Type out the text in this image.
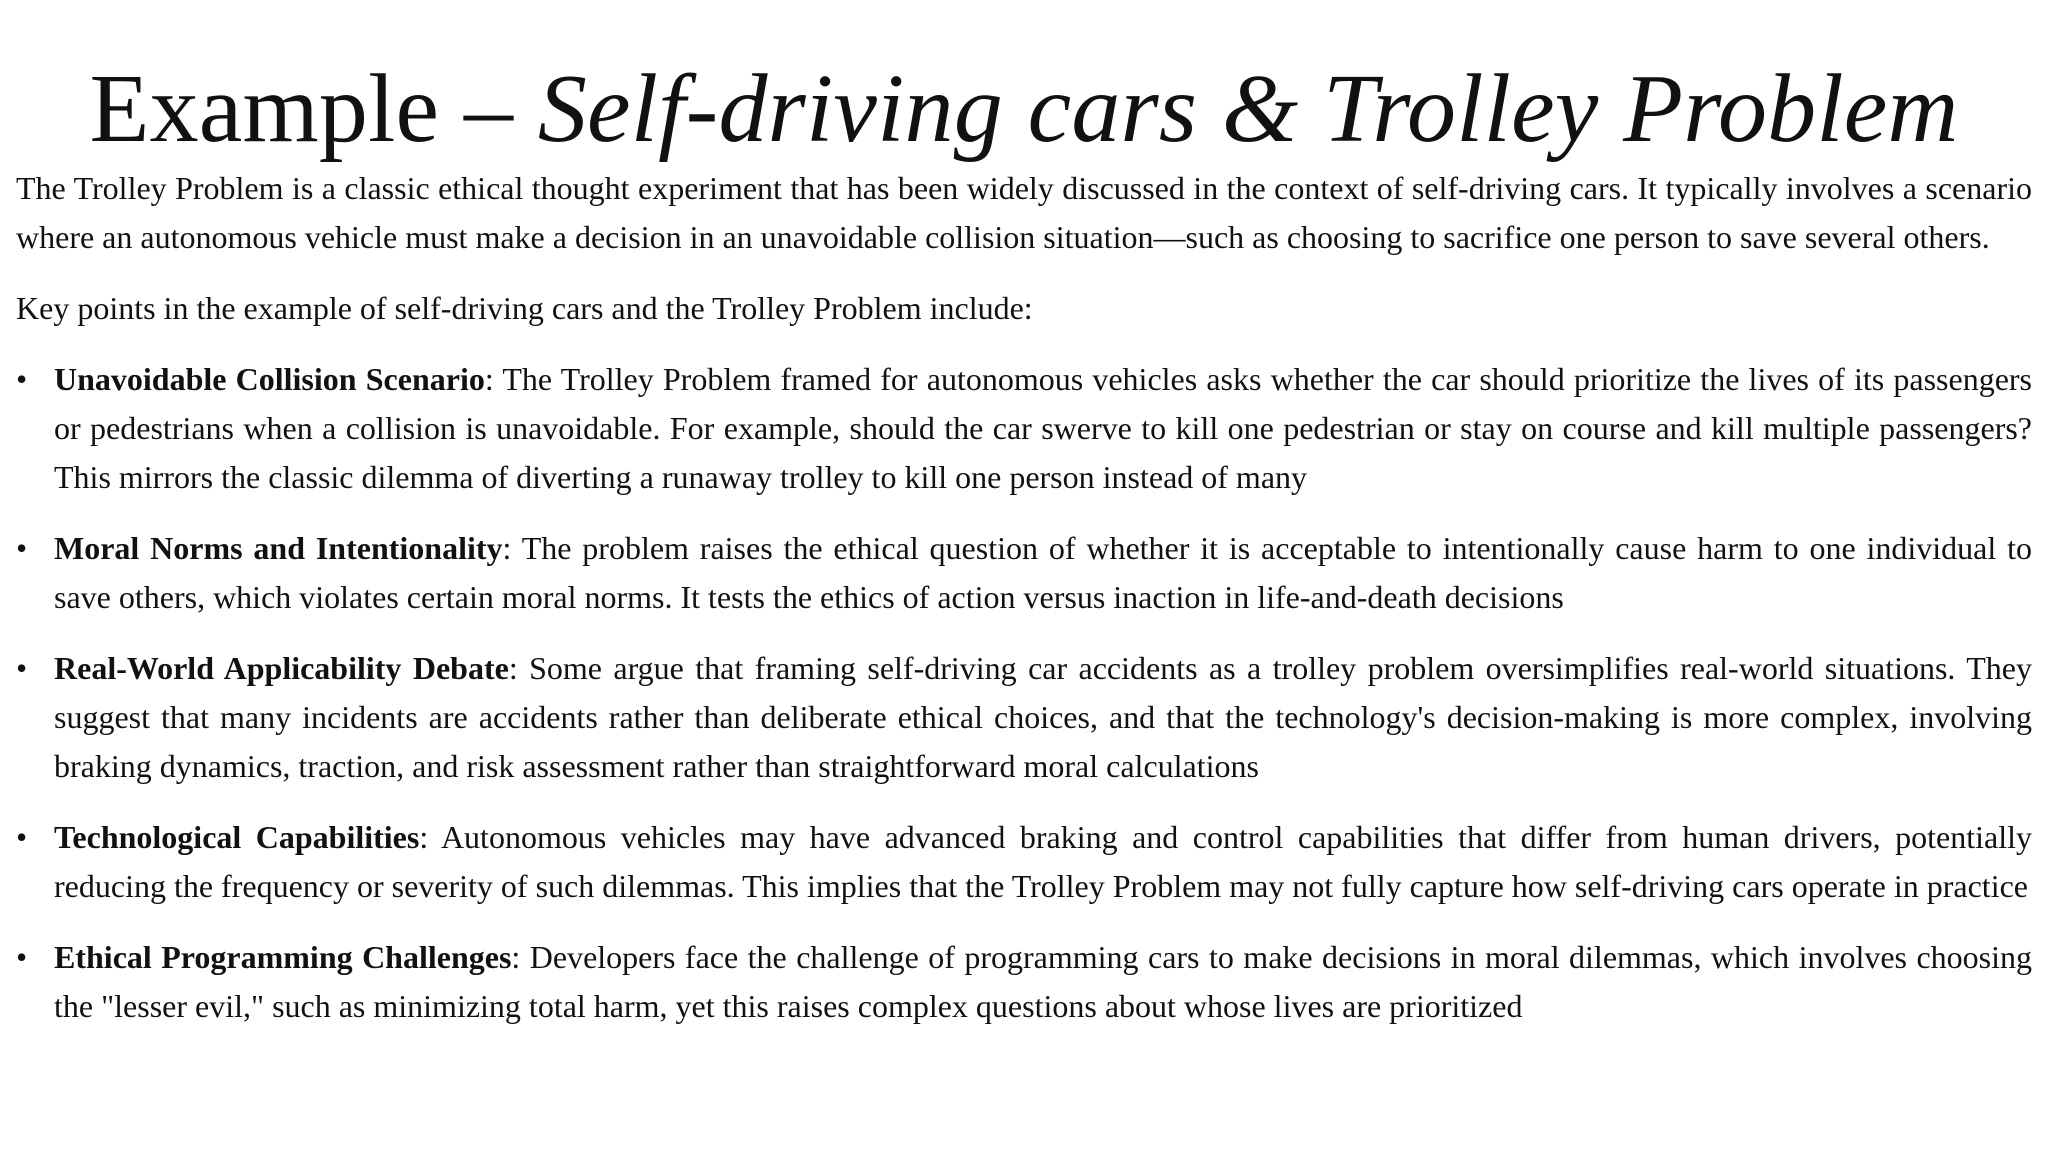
Example – Self-driving cars & Trolley Problem

The Trolley Problem is a classic ethical thought experiment that has been widely discussed in the context of self-driving cars. It typically involves a scenario where an autonomous vehicle must make a decision in an unavoidable collision situation—such as choosing to sacrifice one person to save several others.

Key points in the example of self-driving cars and the Trolley Problem include:

• Unavoidable Collision Scenario: The Trolley Problem framed for autonomous vehicles asks whether the car should prioritize the lives of its passengers or pedestrians when a collision is unavoidable. For example, should the car swerve to kill one pedestrian or stay on course and kill multiple passengers? This mirrors the classic dilemma of diverting a runaway trolley to kill one person instead of many
• Moral Norms and Intentionality: The problem raises the ethical question of whether it is acceptable to intentionally cause harm to one individual to save others, which violates certain moral norms. It tests the ethics of action versus inaction in life-and-death decisions
• Real-World Applicability Debate: Some argue that framing self-driving car accidents as a trolley problem oversimplifies real-world situations. They suggest that many incidents are accidents rather than deliberate ethical choices, and that the technology's decision-making is more complex, involving braking dynamics, traction, and risk assessment rather than straightforward moral calculations
• Technological Capabilities: Autonomous vehicles may have advanced braking and control capabilities that differ from human drivers, potentially reducing the frequency or severity of such dilemmas. This implies that the Trolley Problem may not fully capture how self-driving cars operate in practice
• Ethical Programming Challenges: Developers face the challenge of programming cars to make decisions in moral dilemmas, which involves choosing the "lesser evil," such as minimizing total harm, yet this raises complex questions about whose lives are prioritized
